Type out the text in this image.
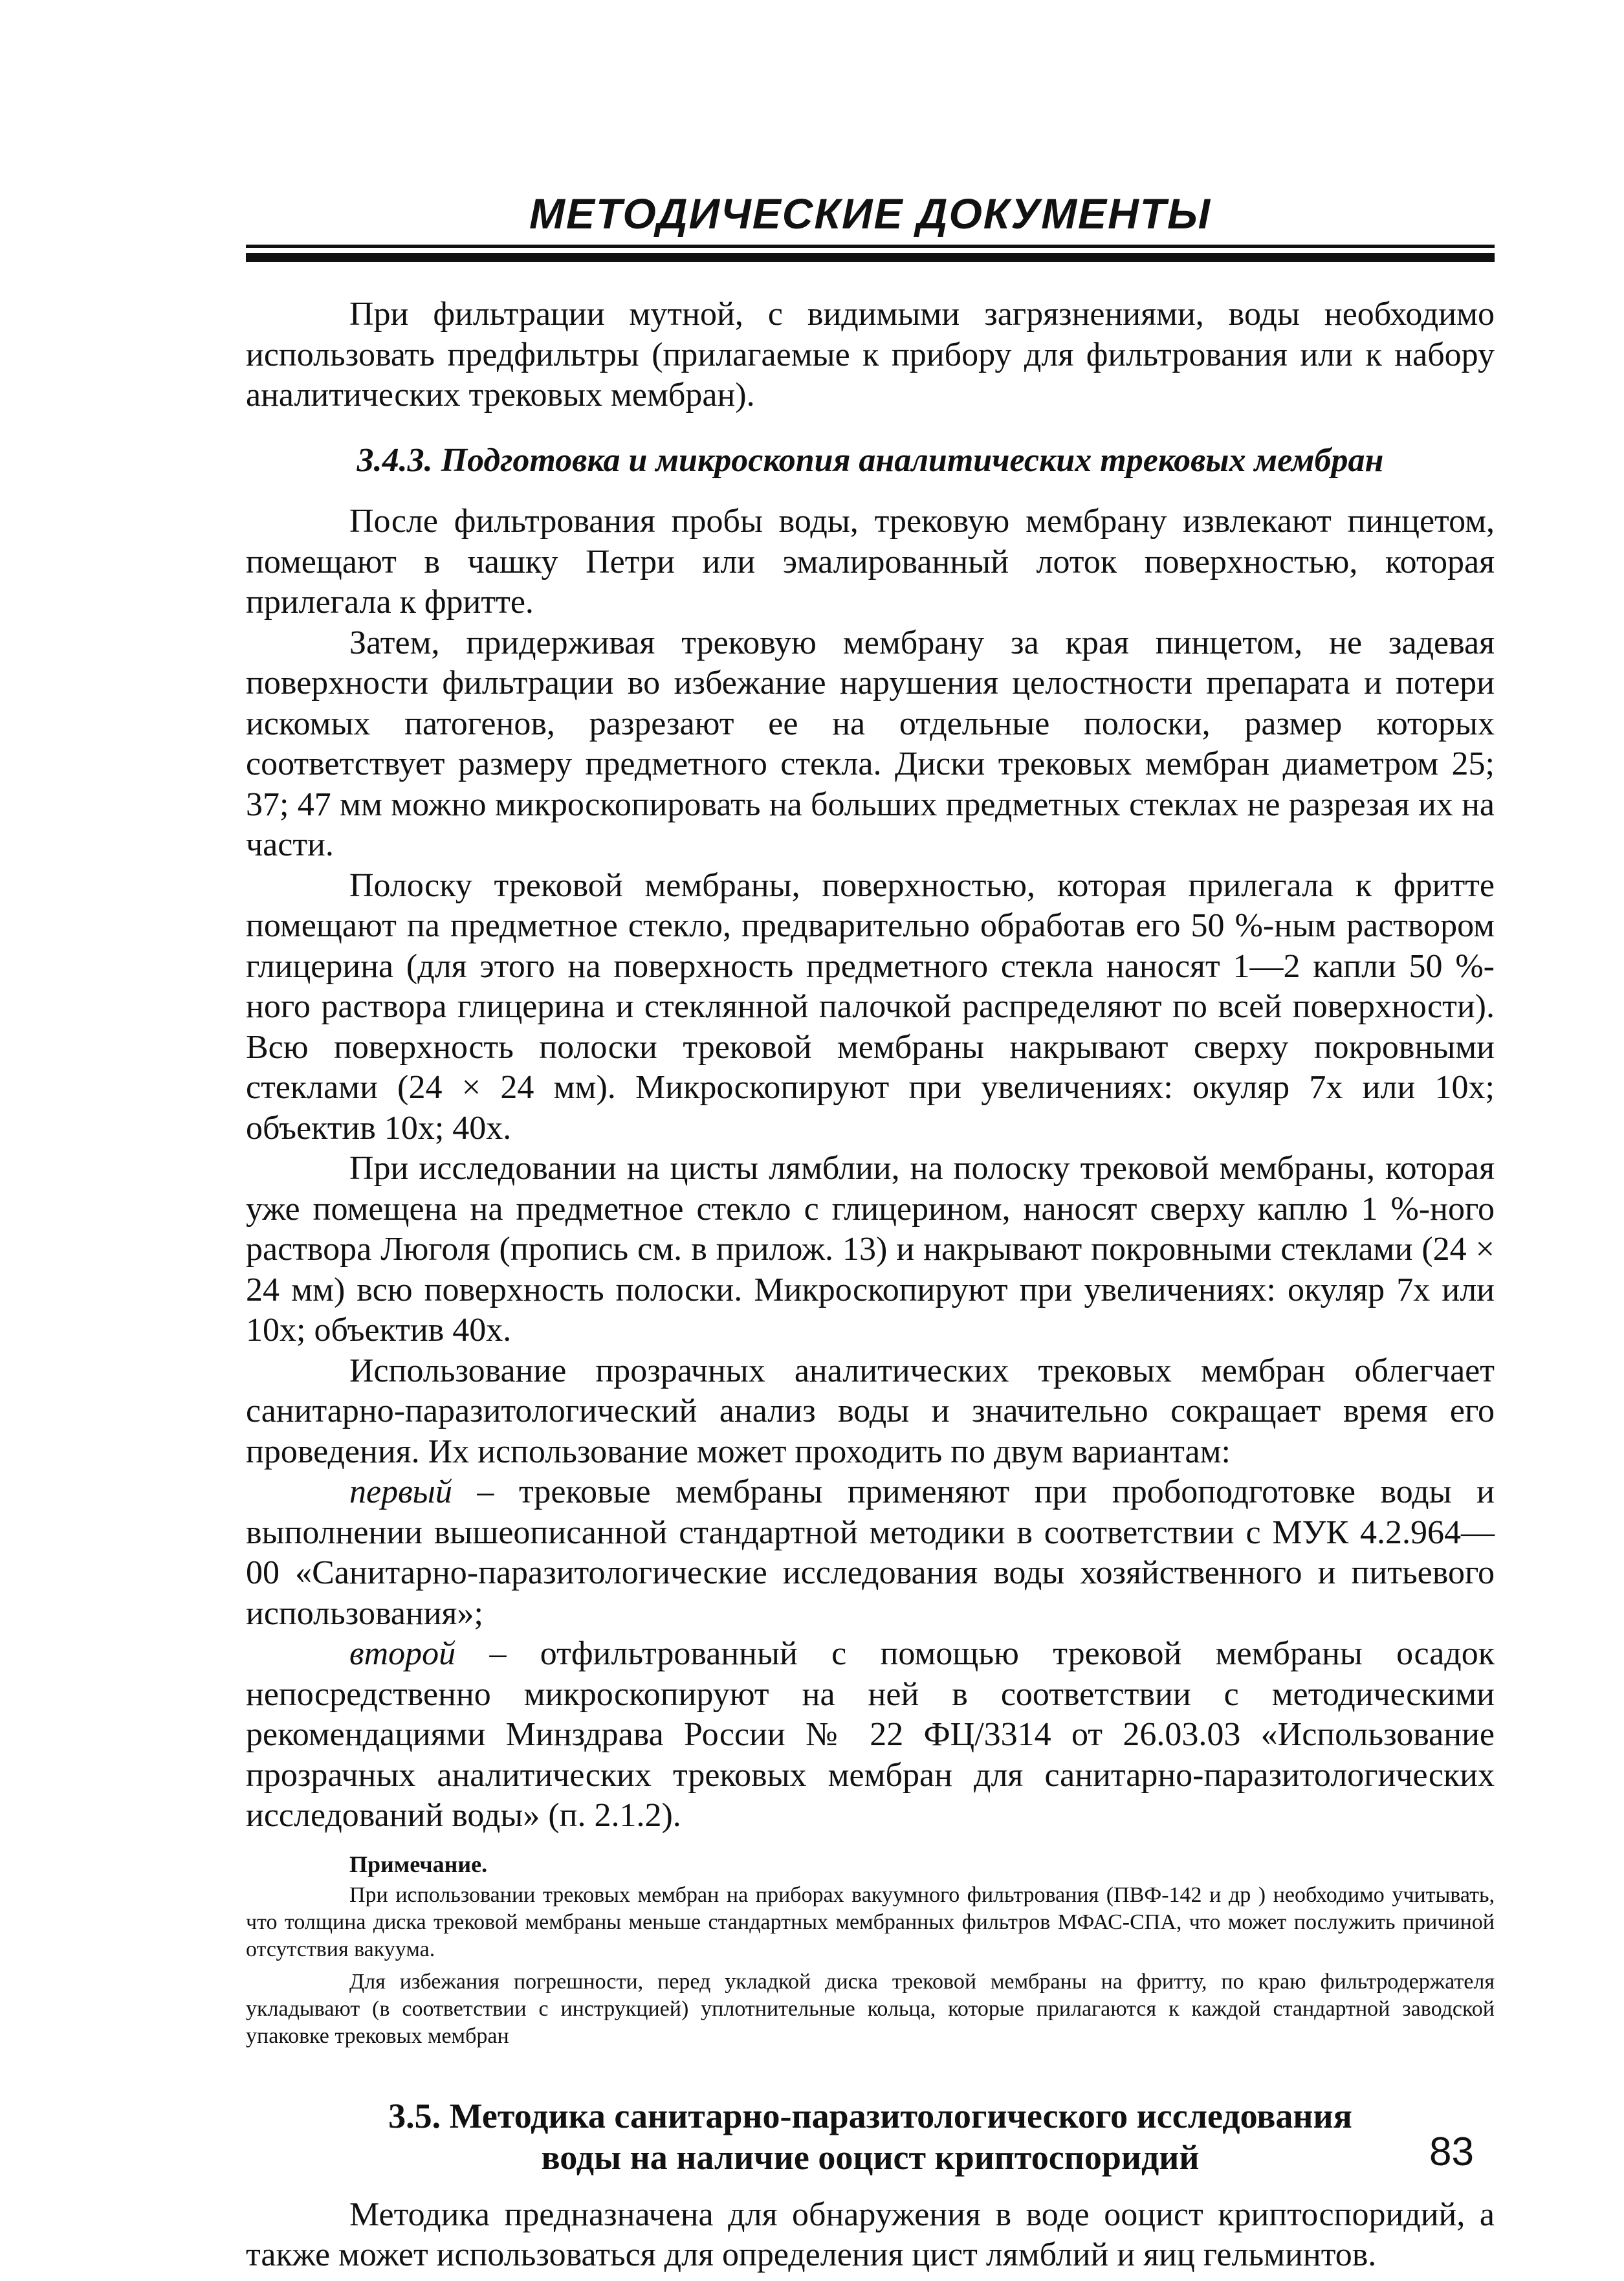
МЕТОДИЧЕСКИЕ ДОКУМЕНТЫ

При фильтрации мутной, с видимыми загрязнениями, воды необходимо использовать предфильтры (прилагаемые к прибору для фильтрования или к набору аналитических трековых мембран).

3.4.3. Подготовка и микроскопия аналитических трековых мембран

После фильтрования пробы воды, трековую мембрану извлекают пинцетом, помещают в чашку Петри или эмалированный лоток поверхностью, которая прилегала к фритте.

Затем, придерживая трековую мембрану за края пинцетом, не задевая поверхности фильтрации во избежание нарушения целостности препарата и потери искомых патогенов, разрезают ее на отдельные полоски, размер которых соответствует размеру предметного стекла. Диски трековых мембран диаметром 25; 37; 47 мм можно микроскопировать на больших предметных стеклах не разрезая их на части.

Полоску трековой мембраны, поверхностью, которая прилегала к фритте помещают па предметное стекло, предварительно обработав его 50 %-ным раствором глицерина (для этого на поверхность предметного стекла наносят 1—2 капли 50 %-ного раствора глицерина и стеклянной палочкой распределяют по всей поверхности). Всю поверхность полоски трековой мембраны накрывают сверху покровными стеклами (24 × 24 мм). Микроскопируют при увеличениях: окуляр 7х или 10х; объектив 10х; 40х.

При исследовании на цисты лямблии, на полоску трековой мембраны, которая уже помещена на предметное стекло с глицерином, наносят сверху каплю 1 %-ного раствора Люголя (пропись см. в прилож. 13) и накрывают покровными стеклами (24 × 24 мм) всю поверхность полоски. Микроскопируют при увеличениях: окуляр 7х или 10х; объектив 40х.

Использование прозрачных аналитических трековых мембран облегчает санитарно-паразитологический анализ воды и значительно сокращает время его проведения. Их использование может проходить по двум вариантам:

первый – трековые мембраны применяют при пробоподготовке воды и выполнении вышеописанной стандартной методики в соответствии с МУК 4.2.964—00 «Санитарно-паразитологические исследования воды хозяйственного и питьевого использования»;

второй – отфильтрованный с помощью трековой мембраны осадок непосредственно микроскопируют на ней в соответствии с методическими рекомендациями Минздрава России № 22 ФЦ/3314 от 26.03.03 «Использование прозрачных аналитических трековых мембран для санитарно-паразитологических исследований воды» (п. 2.1.2).

Примечание.

При использовании трековых мембран на приборах вакуумного фильтрования (ПВФ-142 и др ) необходимо учитывать, что толщина диска трековой мембраны меньше стандартных мембранных фильтров МФАС-СПА, что может послужить причиной отсутствия вакуума.

Для избежания погрешности, перед укладкой диска трековой мембраны на фритту, по краю фильтродержателя укладывают (в соответствии с инструкцией) уплотнительные кольца, которые прилагаются к каждой стандартной заводской упаковке трековых мембран

3.5. Методика санитарно-паразитологического исследования
воды на наличие ооцист криптоспоридий

Методика предназначена для обнаружения в воде ооцист криптоспоридий, а также может использоваться для определения цист лямблий и яиц гельминтов.

83
